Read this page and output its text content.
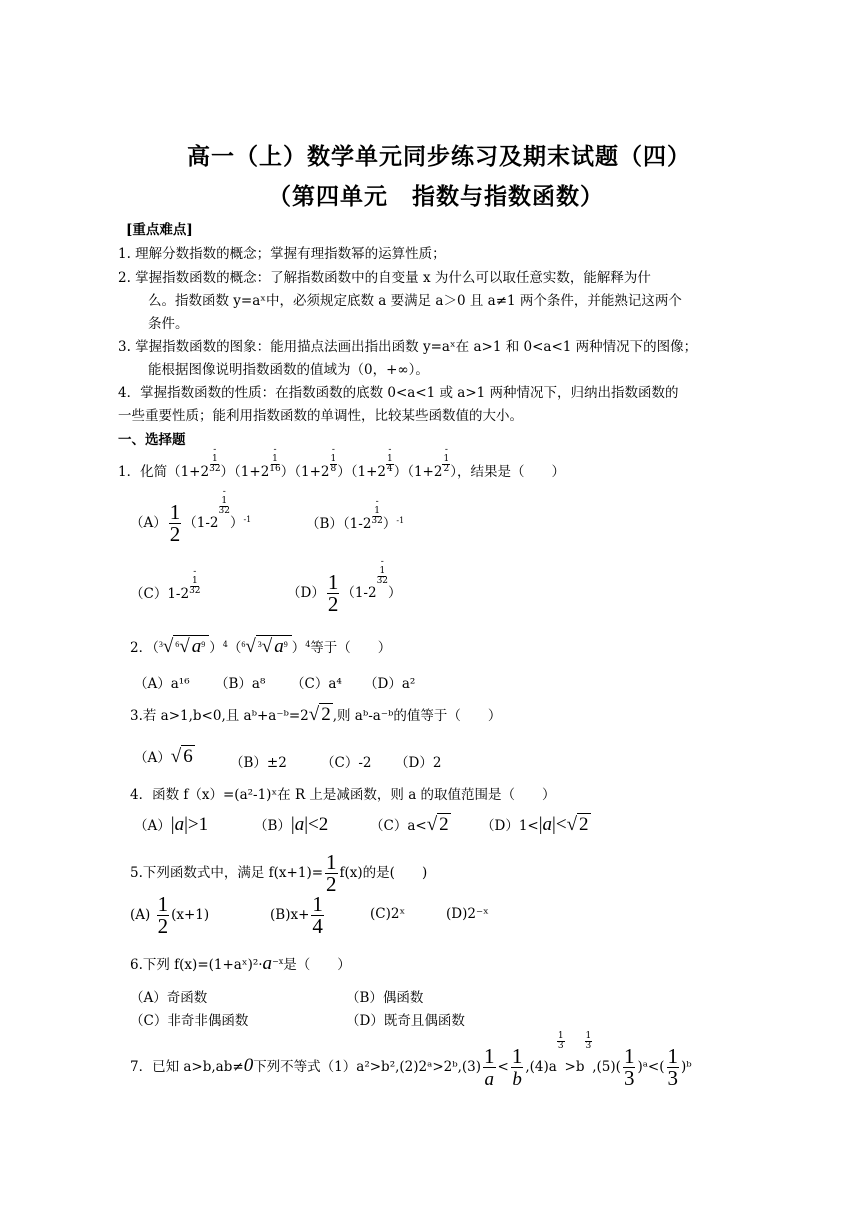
高一（上）数学单元同步练习及期末试题（四）
（第四单元　指数与指数函数）
[重点难点]
1. 理解分数指数的概念；掌握有理指数幂的运算性质；
2. 掌握指数函数的概念：了解指数函数中的自变量 x 为什么可以取任意实数，能解释为什
么。指数函数 y=aˣ中，必须规定底数 a 要满足 a＞0 且 a≠1 两个条件，并能熟记这两个
条件。
3. 掌握指数函数的图象：能用描点法画出指出函数 y=aˣ在 a>1 和 0<a<1 两种情况下的图像；
能根据图像说明指数函数的值域为（0，+∞）。
4．掌握指数函数的性质：在指数函数的底数 0<a<1 或 a>1 两种情况下，归纳出指数函数的
一些重要性质；能利用指数函数的单调性，比较某些函数值的大小。
一、选择题
1．化简（1+2-
1
32 ）（1+2-
1
16 ）（1+2-
1
8 ）（1+2-
1
4 ）（1+2-
1
2 ），结果是（　　）
$(A) \frac{1}{2} (1-2-$
1
32
）$^{-1}$	（B）（1-2-
1
32 ）$^{-1}$
（C）1-2-
1
32	$(D) \frac{1}{2} (1-2-$
1
32
）
2．（$^3$√ $^6$√ $a^9$ ）$^4$（$^6$√ $^3$√ $a^9$ ）$^4$等于（　　）
（A）a¹⁶ （B）a⁸ （C）a⁴ （D）a²
3.若 a>1,b<0,且 aᵇ+a⁻ᵇ=2√ 2 ,则 aᵇ-a⁻ᵇ的值等于（　　）
（A）√ 6	（B）±2	（C）-2 （D）2
4．函数 f（x）=(a²-1)ˣ在 R 上是减函数，则 a 的取值范围是（　　）
（A）|a|>1	（B）|a|<2	（C）a<√ 2 （D）1<|a|<√ 2
5.下列函数式中，满足 $f(x+1)= \frac{1}{2} f(x)$的是(　　)
$(A) \frac{1}{2} (x+1)$	$(B)x+ \frac{1}{4}$	(C)2ˣ	(D)2⁻ˣ
6.下列 $f(x)=(1+aˣ)^2\cdot a^{-x}$是（　　）
（A）奇函数	（B）偶函数
（C）非奇非偶函数	（D）既奇且偶函数
7．已知 a>b,ab≠0下列不等式（1）a²>b²,(2)2ᵃ>2ᵇ,(3) $\frac{1}{a} < \frac{1}{b} ,(4)a$
$\frac{1}{3}$
>b
$\frac{1}{3}$
$,(5)( \frac{1}{3}$ )ᵃ<( $\frac{1}{3}$ )ᵇ
